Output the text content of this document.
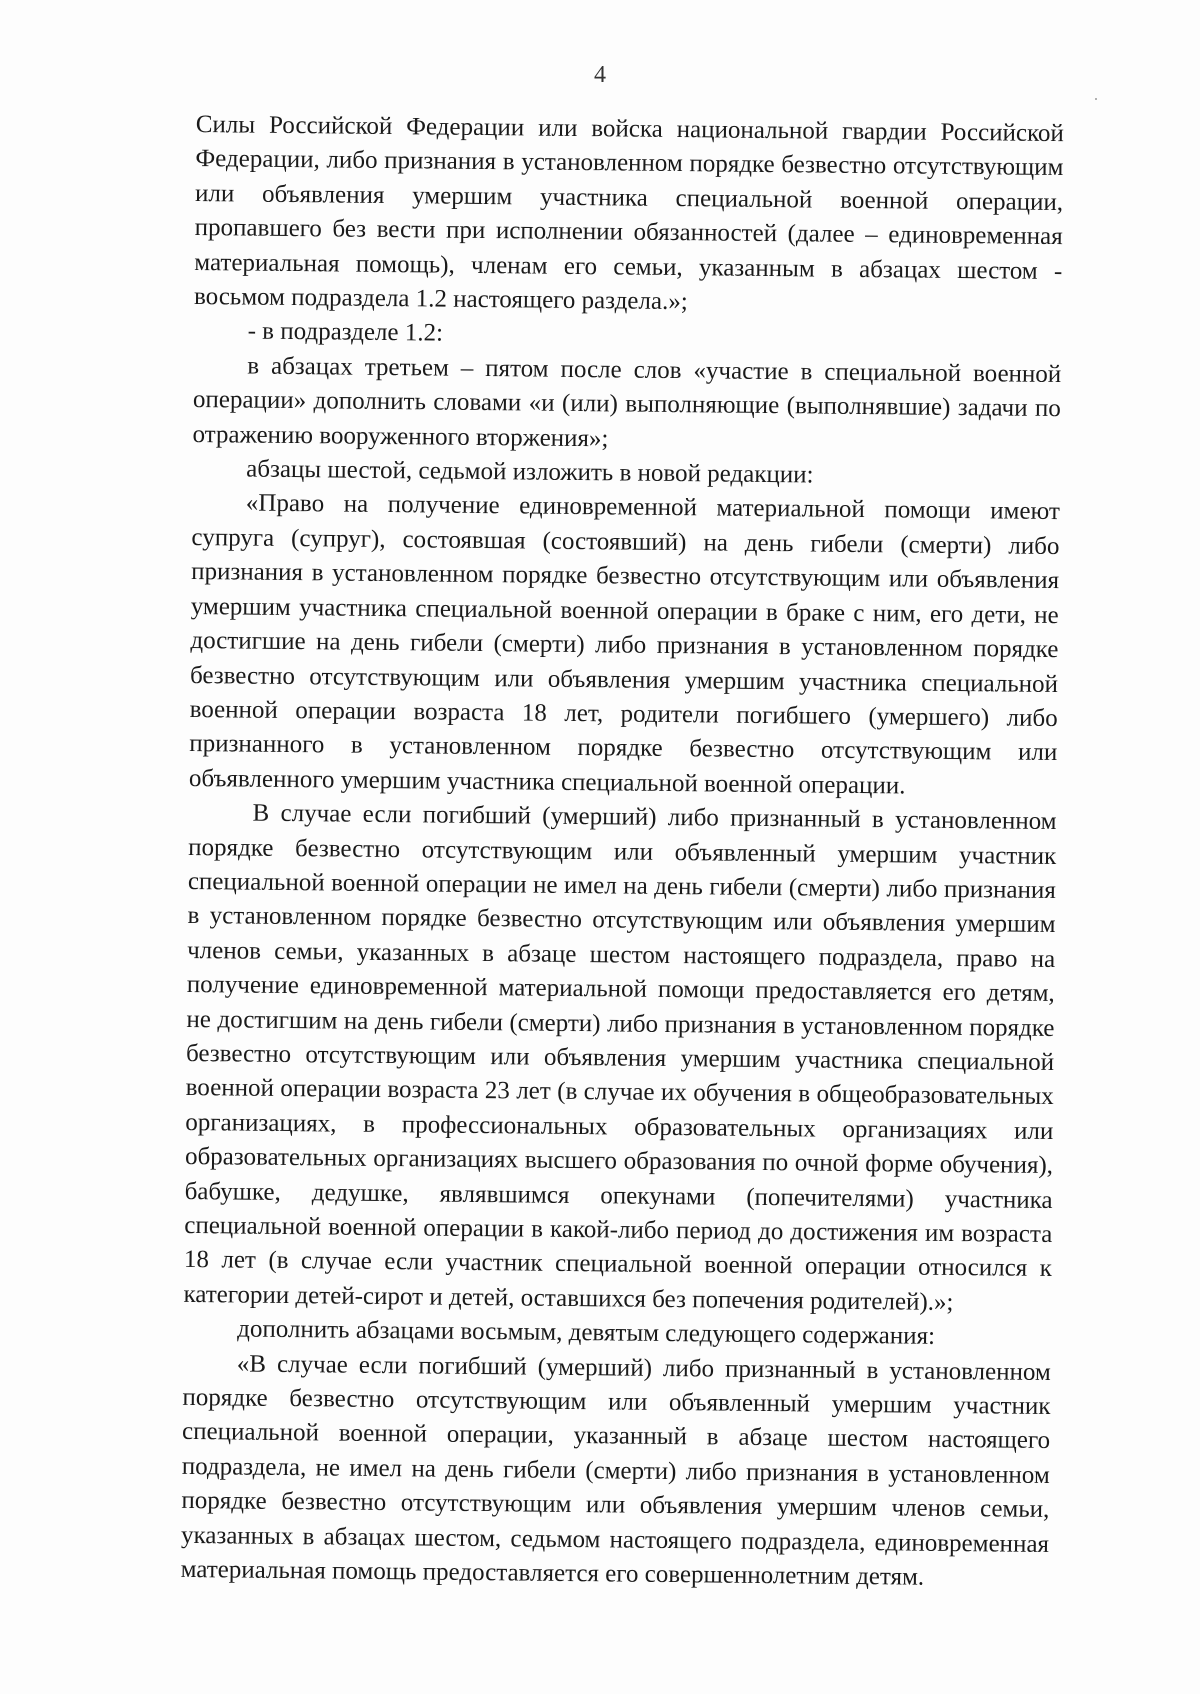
4

Силы Российской Федерации или войска национальной гвардии Российской Федерации, либо признания в установленном порядке безвестно отсутствующим или объявления умершим участника специальной военной операции, пропавшего без вести при исполнении обязанностей (далее – единовременная материальная помощь), членам его семьи, указанным в абзацах шестом - восьмом подраздела 1.2 настоящего раздела.»;

- в подразделе 1.2:

в абзацах третьем – пятом после слов «участие в специальной военной операции» дополнить словами «и (или) выполняющие (выполнявшие) задачи по отражению вооруженного вторжения»;

абзацы шестой, седьмой изложить в новой редакции:

«Право на получение единовременной материальной помощи имеют супруга (супруг), состоявшая (состоявший) на день гибели (смерти) либо признания в установленном порядке безвестно отсутствующим или объявления умершим участника специальной военной операции в браке с ним, его дети, не достигшие на день гибели (смерти) либо признания в установленном порядке безвестно отсутствующим или объявления умершим участника специальной военной операции возраста 18 лет, родители погибшего (умершего) либо признанного в установленном порядке безвестно отсутствующим или объявленного умершим участника специальной военной операции.

В случае если погибший (умерший) либо признанный в установленном порядке безвестно отсутствующим или объявленный умершим участник специальной военной операции не имел на день гибели (смерти) либо признания в установленном порядке безвестно отсутствующим или объявления умершим членов семьи, указанных в абзаце шестом настоящего подраздела, право на получение единовременной материальной помощи предоставляется его детям, не достигшим на день гибели (смерти) либо признания в установленном порядке безвестно отсутствующим или объявления умершим участника специальной военной операции возраста 23 лет (в случае их обучения в общеобразовательных организациях, в профессиональных образовательных организациях или образовательных организациях высшего образования по очной форме обучения), бабушке, дедушке, являвшимся опекунами (попечителями) участника специальной военной операции в какой-либо период до достижения им возраста 18 лет (в случае если участник специальной военной операции относился к категории детей-сирот и детей, оставшихся без попечения родителей).»;

дополнить абзацами восьмым, девятым следующего содержания:

«В случае если погибший (умерший) либо признанный в установленном порядке безвестно отсутствующим или объявленный умершим участник специальной военной операции, указанный в абзаце шестом настоящего подраздела, не имел на день гибели (смерти) либо признания в установленном порядке безвестно отсутствующим или объявления умершим членов семьи, указанных в абзацах шестом, седьмом настоящего подраздела, единовременная материальная помощь предоставляется его совершеннолетним детям.
